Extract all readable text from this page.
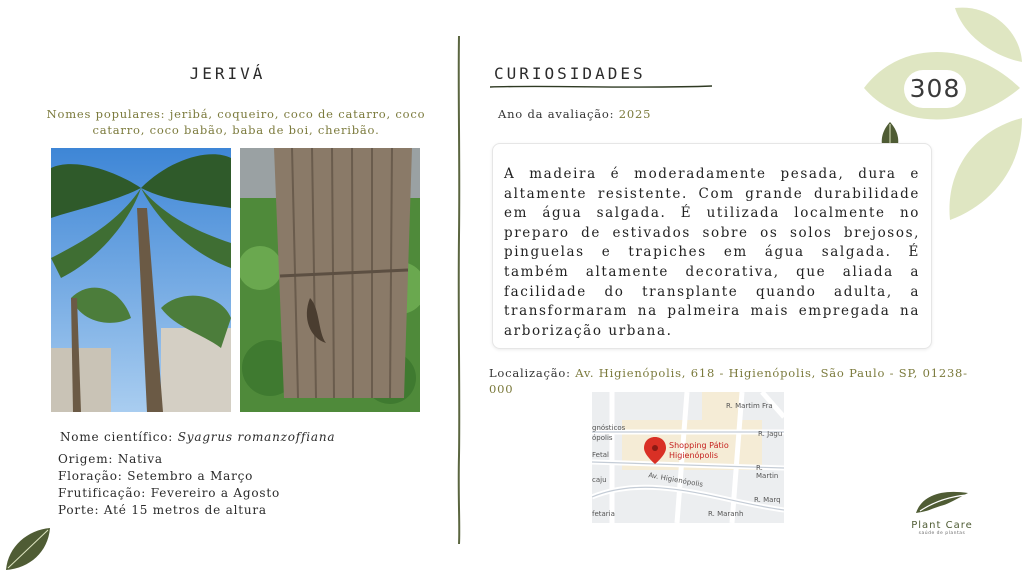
308
JERIVÁ
Nomes populares: jeribá, coqueiro, coco de catarro, coco catarro, coco babão, baba de boi, cheribão.
Nome científico: Syagrus romanzoffiana
Origem: Nativa
Floração: Setembro a Março
Frutificação: Fevereiro a Agosto
Porte: Até 15 metros de altura
CURIOSIDADES
Ano da avaliação: 2025

A madeira é moderadamente pesada, dura e altamente resistente. Com grande durabilidade em água salgada. É utilizada localmente no preparo de estivados sobre os solos brejosos, pinguelas e trapiches em água salgada. É também altamente decorativa, que aliada a facilidade do transplante quando adulta, a transformaram na palmeira mais empregada na arborização urbana.

Localização: Av. Higienópolis, 618 - Higienópolis, São Paulo - SP, 01238-000
Shopping Pátio
Higienópolis
R. Martim Fra
R. Jagu
R. Martin
Av. Higienópolis
R. Marq
R. Maranh
gnósticos
ópolis
Fetal
fetaria
caju
Plant Care
saúde de plantas
